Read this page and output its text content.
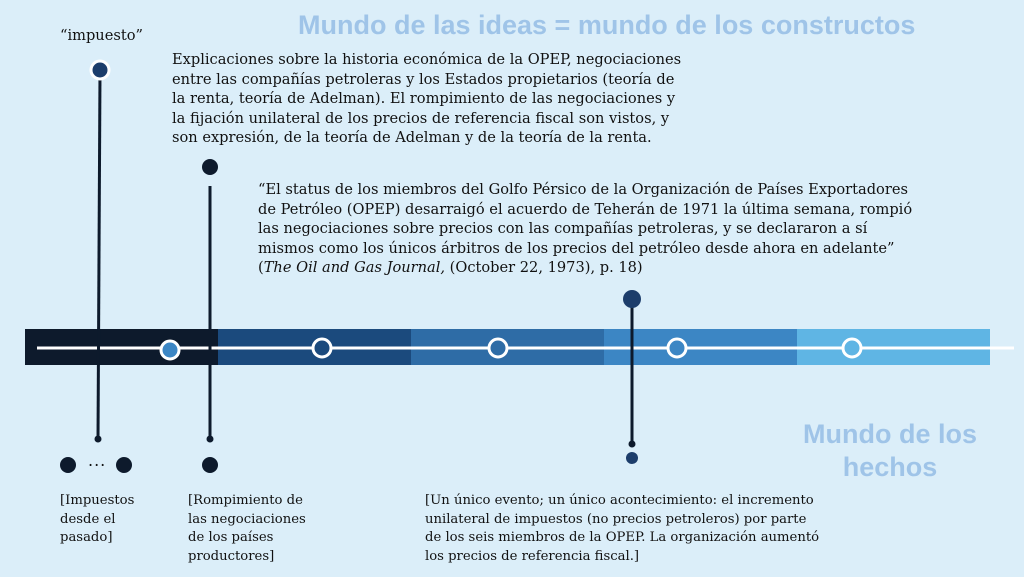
Mundo de las ideas = mundo de los constructos
Mundo de los
hechos
“impuesto”
Explicaciones sobre la historia económica de la OPEP, negociaciones
entre las compañías petroleras y los Estados propietarios (teoría de
la renta, teoría de Adelman). El rompimiento de las negociaciones y
la fijación unilateral de los precios de referencia fiscal son vistos, y
son expresión, de la teoría de Adelman y de la teoría de la renta.
“El status de los miembros del Golfo Pérsico de la Organización de Países Exportadores
de Petróleo (OPEP) desarraigó el acuerdo de Teherán de 1971 la última semana, rompió
las negociaciones sobre precios con las compañías petroleras, y se declararon a sí
mismos como los únicos árbitros de los precios del petróleo desde ahora en adelante”
(The Oil and Gas Journal, (October 22, 1973), p. 18)
...
[Impuestos
desde el
pasado]
[Rompimiento de
las negociaciones
de los países
productores]
[Un único evento; un único acontecimiento: el incremento
unilateral de impuestos (no precios petroleros) por parte
de los seis miembros de la OPEP. La organización aumentó
los precios de referencia fiscal.]
